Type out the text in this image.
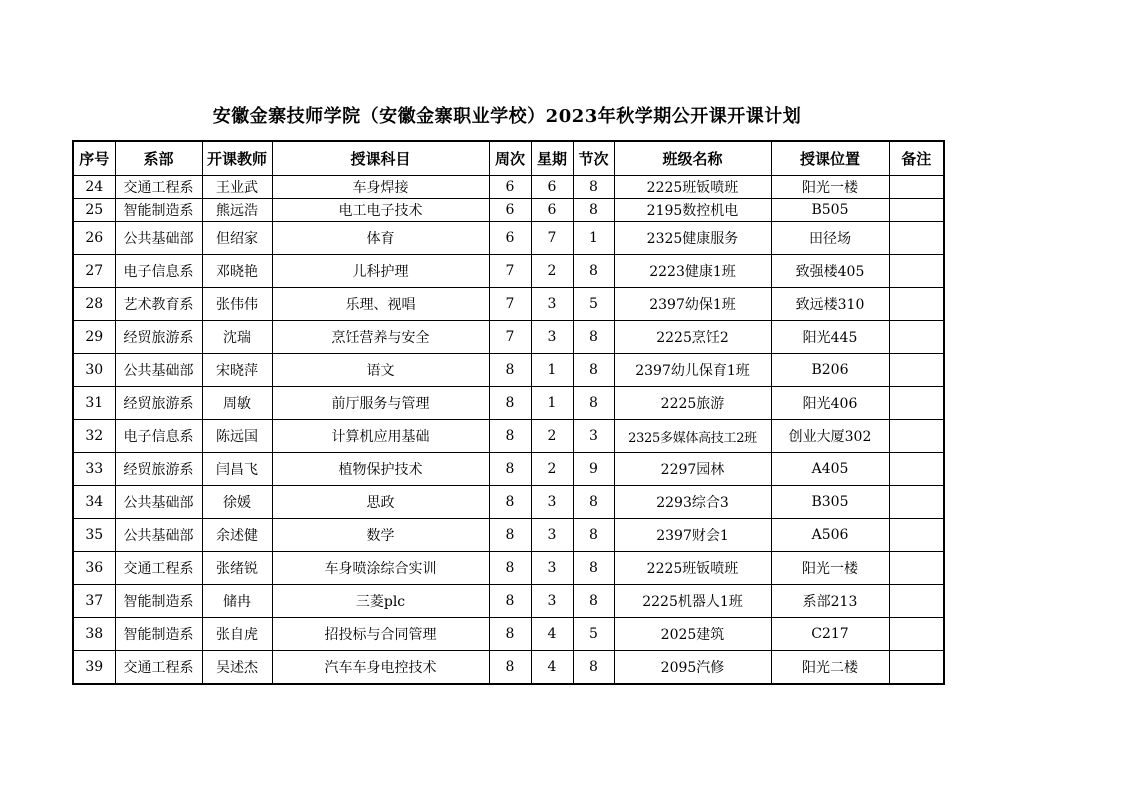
安徽金寨技师学院（安徽金寨职业学校）2023年秋学期公开课开课计划
序号	系部	开课教师	授课科目	周次	星期	节次	班级名称	授课位置	备注
24	交通工程系	王业武	车身焊接	6	6	8	2225班钣喷班	阳光一楼	
25	智能制造系	熊远浩	电工电子技术	6	6	8	2195数控机电	B505	
26	公共基础部	但绍家	体育	6	7	1	2325健康服务	田径场	
27	电子信息系	邓晓艳	儿科护理	7	2	8	2223健康1班	致强楼405	
28	艺术教育系	张伟伟	乐理、视唱	7	3	5	2397幼保1班	致远楼310	
29	经贸旅游系	沈瑞	烹饪营养与安全	7	3	8	2225烹饪2	阳光445	
30	公共基础部	宋晓萍	语文	8	1	8	2397幼儿保育1班	B206	
31	经贸旅游系	周敏	前厅服务与管理	8	1	8	2225旅游	阳光406	
32	电子信息系	陈远国	计算机应用基础	8	2	3	2325多媒体高技工2班	创业大厦302	
33	经贸旅游系	闫昌飞	植物保护技术	8	2	9	2297园林	A405	
34	公共基础部	徐媛	思政	8	3	8	2293综合3	B305	
35	公共基础部	余述健	数学	8	3	8	2397财会1	A506	
36	交通工程系	张绪锐	车身喷涂综合实训	8	3	8	2225班钣喷班	阳光一楼	
37	智能制造系	储冉	三菱plc	8	3	8	2225机器人1班	系部213	
38	智能制造系	张自虎	招投标与合同管理	8	4	5	2025建筑	C217	
39	交通工程系	吴述杰	汽车车身电控技术	8	4	8	2095汽修	阳光二楼	
